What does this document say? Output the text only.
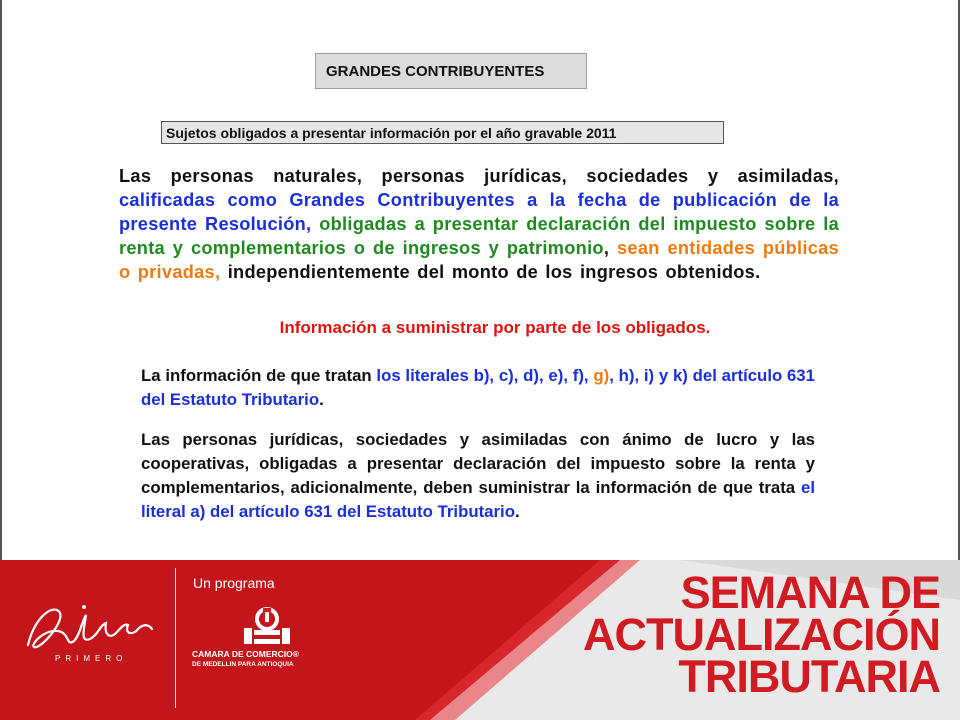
GRANDES CONTRIBUYENTES
Sujetos obligados a presentar información por el año gravable 2011

Las personas naturales, personas jurídicas, sociedades y asimiladas, calificadas como Grandes Contribuyentes a la fecha de publicación de la presente Resolución, obligadas a presentar declaración del impuesto sobre la renta y complementarios o de ingresos y patrimonio, sean entidades públicas o privadas, independientemente del monto de los ingresos obtenidos.

Información a suministrar por parte de los obligados.

La información de que tratan los literales b), c), d), e), f), g), h), i) y k) del artículo 631 del Estatuto Tributario.

Las personas jurídicas, sociedades y asimiladas con ánimo de lucro y las cooperativas, obligadas a presentar declaración del impuesto sobre la renta y complementarios, adicionalmente, deben suministrar la información de que trata el literal a) del artículo 631 del Estatuto Tributario.

PRIMERO
Un programa
CAMARA DE COMERCIO®
DE MEDELLIN PARA ANTIOQUIA
SEMANA DE
ACTUALIZACIÓN
TRIBUTARIA
